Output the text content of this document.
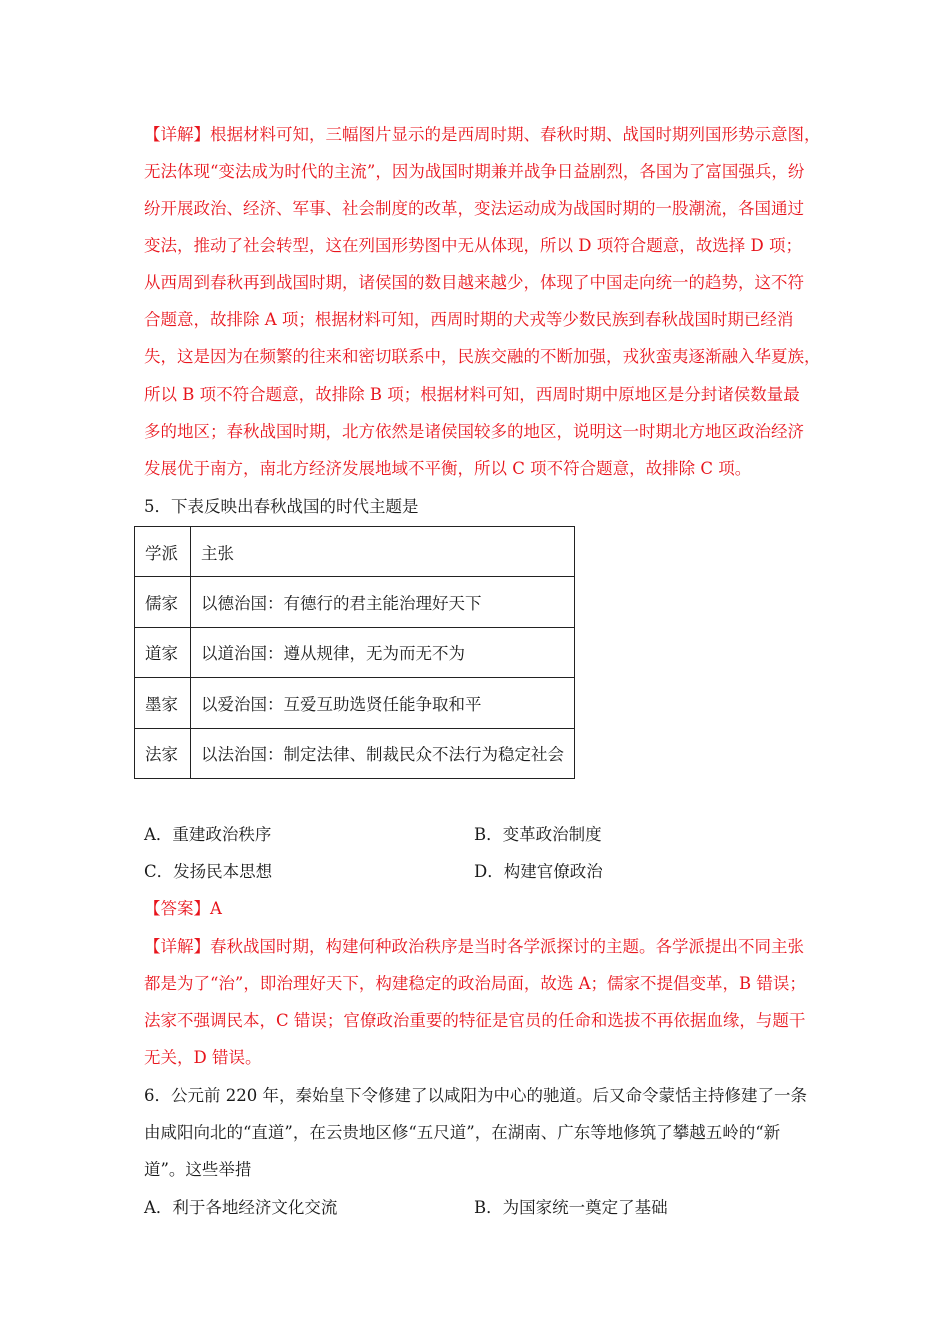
【详解】根据材料可知，三幅图片显示的是西周时期、春秋时期、战国时期列国形势示意图，
无法体现“变法成为时代的主流”，因为战国时期兼并战争日益剧烈，各国为了富国强兵，纷
纷开展政治、经济、军事、社会制度的改革，变法运动成为战国时期的一股潮流，各国通过
变法，推动了社会转型，这在列国形势图中无从体现，所以 D 项符合题意，故选择 D 项；
从西周到春秋再到战国时期，诸侯国的数目越来越少，体现了中国走向统一的趋势，这不符
合题意，故排除 A 项；根据材料可知，西周时期的犬戎等少数民族到春秋战国时期已经消
失，这是因为在频繁的往来和密切联系中，民族交融的不断加强，戎狄蛮夷逐渐融入华夏族，
所以 B 项不符合题意，故排除 B 项；根据材料可知，西周时期中原地区是分封诸侯数量最
多的地区；春秋战国时期，北方依然是诸侯国较多的地区，说明这一时期北方地区政治经济
发展优于南方，南北方经济发展地域不平衡，所以 C 项不符合题意，故排除 C 项。
5．下表反映出春秋战国的时代主题是
学派	主张
儒家	以德治国：有德行的君主能治理好天下
道家	以道治国：遵从规律，无为而无不为
墨家	以爱治国：互爱互助选贤任能争取和平
法家	以法治国：制定法律、制裁民众不法行为稳定社会
A．重建政治秩序	B．变革政治制度
C．发扬民本思想	D．构建官僚政治
【答案】A
【详解】春秋战国时期，构建何种政治秩序是当时各学派探讨的主题。各学派提出不同主张
都是为了“治”，即治理好天下，构建稳定的政治局面，故选 A；儒家不提倡变革，B 错误；
法家不强调民本，C 错误；官僚政治重要的特征是官员的任命和选拔不再依据血缘，与题干
无关，D 错误。
6．公元前 220 年，秦始皇下令修建了以咸阳为中心的驰道。后又命令蒙恬主持修建了一条
由咸阳向北的“直道”，在云贵地区修“五尺道”，在湖南、广东等地修筑了攀越五岭的“新
道”。这些举措
A．利于各地经济文化交流	B．为国家统一奠定了基础
